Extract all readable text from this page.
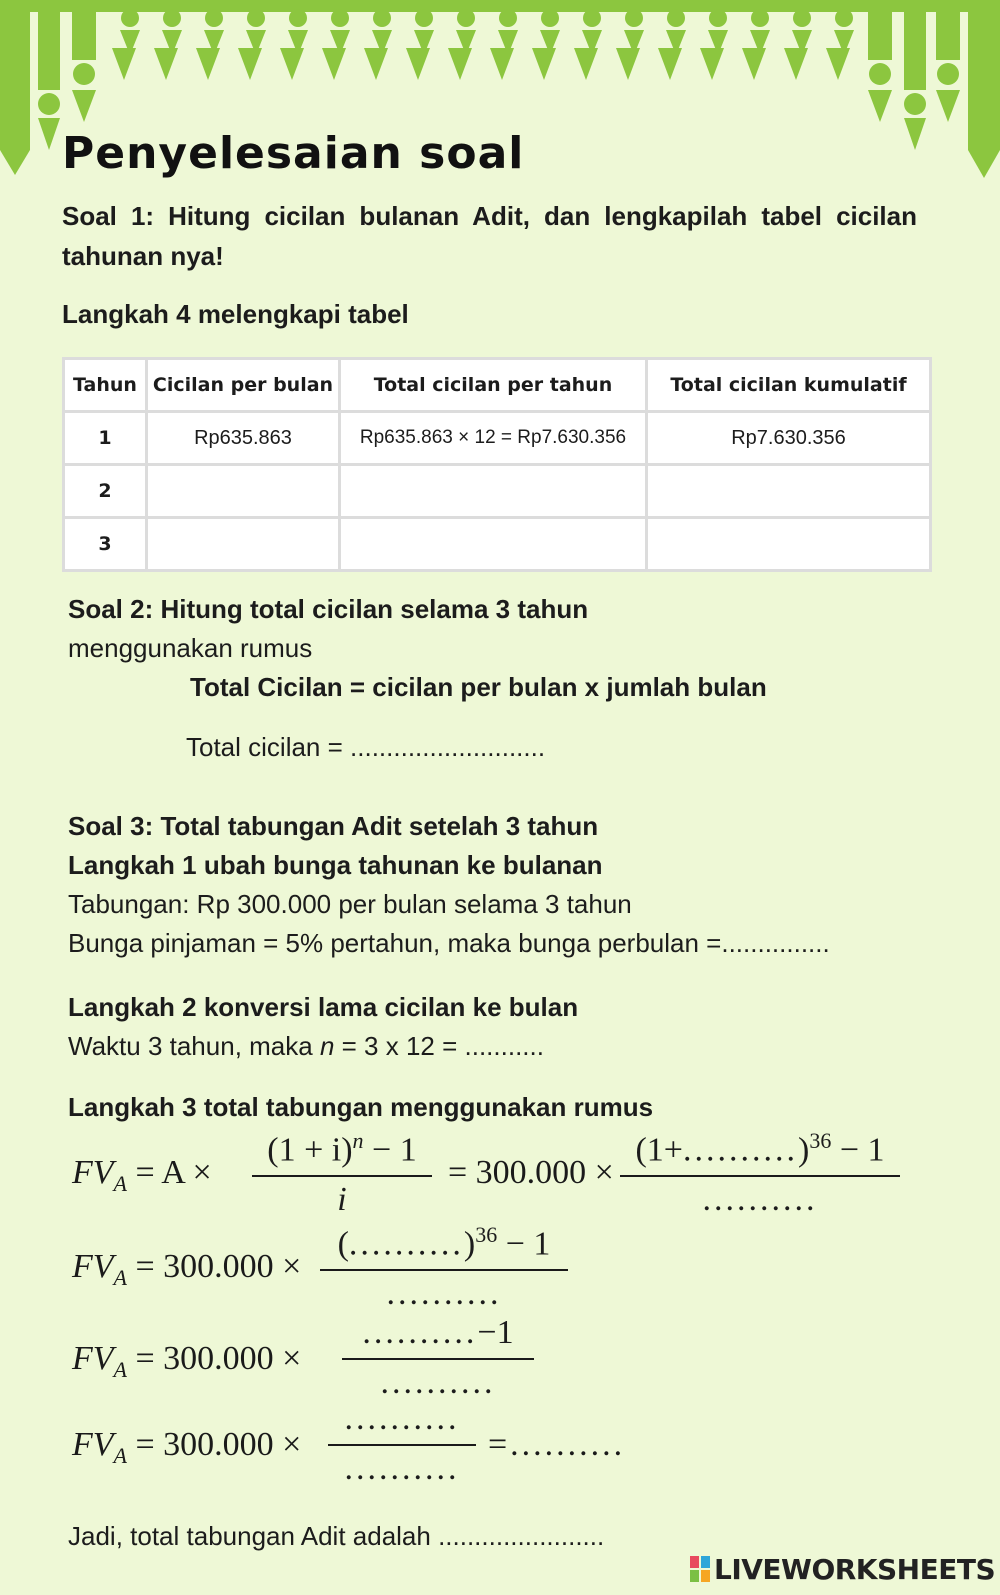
Penyelesaian soal
Soal 1: Hitung cicilan bulanan Adit, dan lengkapilah tabel cicilan tahunan nya!
Langkah 4 melengkapi tabel
Tahun	Cicilan per bulan	Total cicilan per tahun	Total cicilan kumulatif
1	Rp635.863	Rp635.863 × 12 = Rp7.630.356	Rp7.630.356
2			
3			
Soal 2: Hitung total cicilan selama 3 tahun
menggunakan rumus
Total Cicilan = cicilan per bulan x jumlah bulan
Total cicilan = ...........................
Soal 3: Total tabungan Adit setelah 3 tahun
Langkah 1 ubah bunga tahunan ke bulanan
Tabungan: Rp 300.000 per bulan selama 3 tahun
Bunga pinjaman = 5% pertahun, maka bunga perbulan =...............
Langkah 2 konversi lama cicilan ke bulan
Waktu 3 tahun, maka n = 3 x 12 = ...........
Langkah 3 total tabungan menggunakan rumus
$FV_A = A \times \frac{(1 + i)^n - 1}{i} = 300.000$ ×
$(1+..........)^{36} - 1$
..........
$FV_A = 300.000$ ×
(..........)$^{36}$ − 1
..........
$FV_A = 300.000$ ×
..........−1
..........
$FV_A = 300.000$ ×
..........
..........
=..........
Jadi, total tabungan Adit adalah .......................
LIVEWORKSHEETS
